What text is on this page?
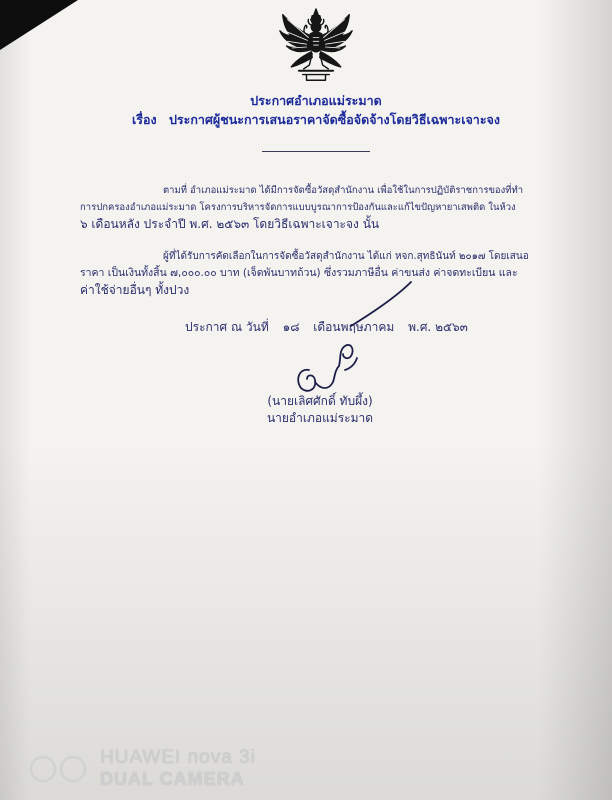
ประกาศอำเภอแม่ระมาด
เรื่อง ประกาศผู้ชนะการเสนอราคาจัดซื้อจัดจ้างโดยวิธีเฉพาะเจาะจง
ตามที่ อำเภอแม่ระมาด ได้มีการจัดซื้อวัสดุสำนักงาน เพื่อใช้ในการปฏิบัติราชการของที่ทำ
การปกครองอำเภอแม่ระมาด โครงการบริหารจัดการแบบบูรณาการป้องกันและแก้ไขปัญหายาเสพติด ในห้วง
๖ เดือนหลัง ประจำปี พ.ศ. ๒๕๖๓ โดยวิธีเฉพาะเจาะจง นั้น
ผู้ที่ได้รับการคัดเลือกในการจัดซื้อวัสดุสำนักงาน ได้แก่ หจก.สุทธินันท์ ๒๐๑๗ โดยเสนอ
ราคา เป็นเงินทั้งสิ้น ๗,๐๐๐.๐๐ บาท (เจ็ดพันบาทถ้วน) ซึ่งรวมภาษีอื่น ค่าขนส่ง ค่าจดทะเบียน และ
ค่าใช้จ่ายอื่นๆ ทั้งปวง
ประกาศ ณ วันที่ ๑๘ เดือนพฤษภาคม พ.ศ. ๒๕๖๓
(นายเลิศศักดิ์ ทับผึ้ง)
นายอำเภอแม่ระมาด
HUAWEI nova 3i
DUAL CAMERA
